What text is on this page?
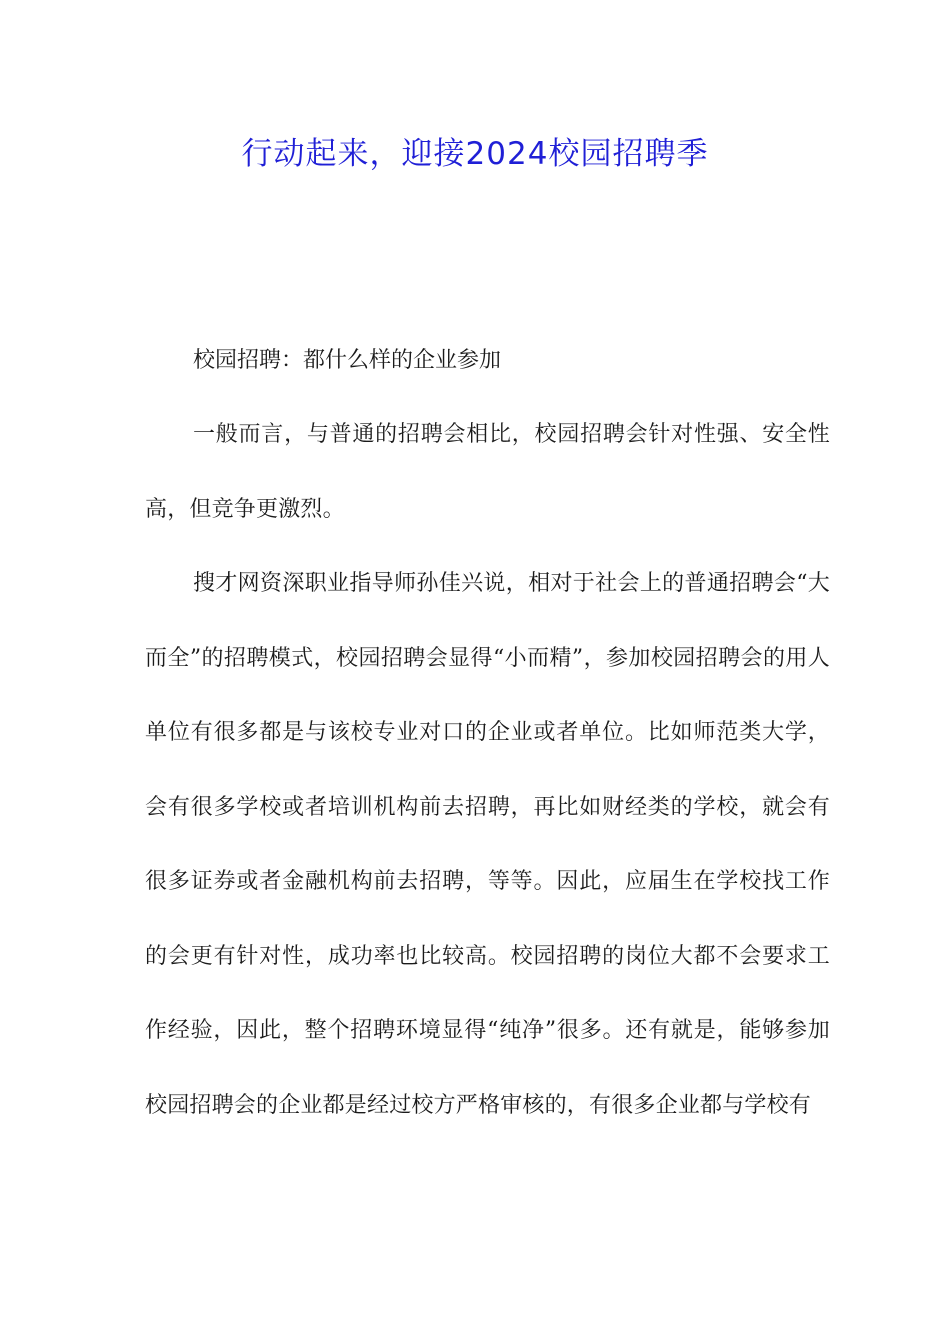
行动起来，迎接2024校园招聘季

校园招聘：都什么样的企业参加

一般而言，与普通的招聘会相比，校园招聘会针对性强、安全性高，但竞争更激烈。

搜才网资深职业指导师孙佳兴说，相对于社会上的普通招聘会“大而全”的招聘模式，校园招聘会显得“小而精”，参加校园招聘会的用人单位有很多都是与该校专业对口的企业或者单位。比如师范类大学，会有很多学校或者培训机构前去招聘，再比如财经类的学校，就会有很多证券或者金融机构前去招聘，等等。因此，应届生在学校找工作的会更有针对性，成功率也比较高。校园招聘的岗位大都不会要求工作经验，因此，整个招聘环境显得“纯净”很多。还有就是，能够参加校园招聘会的企业都是经过校方严格审核的，有很多企业都与学校有
